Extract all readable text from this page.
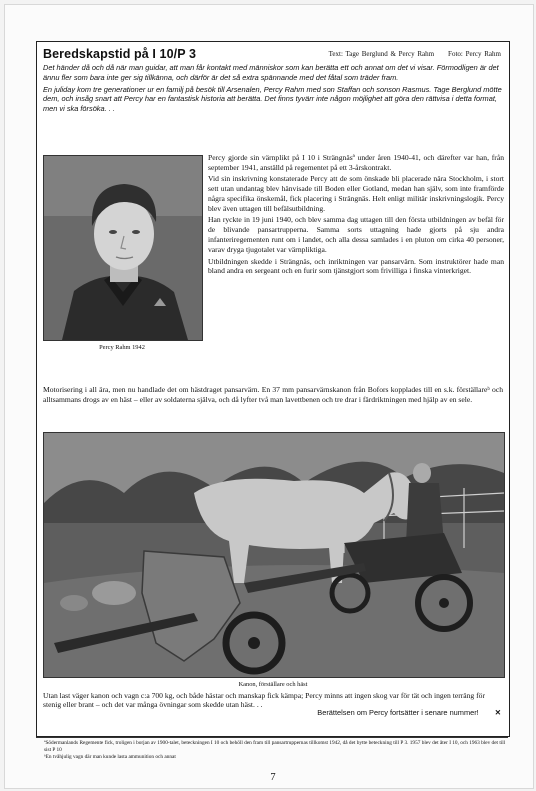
Beredskapstid på I 10/P 3	Text: Tage Berglund & Percy Rahm Foto: Percy Rahm

Det händer då och då när man guidar, att man får kontakt med människor som kan berätta ett och annat om det vi visar. Förmodligen är det ännu fler som bara inte ger sig tillkänna, och därför är det så extra spännande med det fåtal som träder fram.

En juliday kom tre generationer ur en familj på besök till Arsenalen, Percy Rahm med son Staffan och sonson Rasmus. Tage Berglund mötte dem, och insåg snart att Percy har en fantastisk historia att berätta. Det finns tyvärr inte någon möjlighet att göra den rättvisa i detta format, men vi ska försöka. . .

Percy Rahm 1942

Percy gjorde sin värnplikt på I 10 i Strängnäsª under åren 1940-41, och därefter var han, från september 1941, anställd på regementet på ett 3-årskontrakt.

Vid sin inskrivning konstaterade Percy att de som önskade bli placerade nära Stockholm, i stort sett utan undantag blev hänvisade till Boden eller Gotland, medan han själv, som inte framförde några specifika önskemål, fick placering i Strängnäs. Helt enligt militär inskrivningslogik. Percy blev även uttagen till befälsutbildning.

Han ryckte in 19 juni 1940, och blev samma dag uttagen till den första utbildningen av befäl för de blivande pansartrupperna. Samma sorts uttagning hade gjorts på sju andra infanteriregementen runt om i landet, och alla dessa samlades i en pluton om cirka 40 personer, varav dryga tjugotalet var värnpliktiga.

Utbildningen skedde i Strängnäs, och inriktningen var pansarvärn. Som instruktörer hade man bland andra en sergeant och en furir som tjänstgjort som frivilliga i finska vinterkriget.

Motorisering i all ära, men nu handlade det om hästdraget pansarvärn. En 37 mm pansarvärnskanon från Bofors kopplades till en s.k. förställareᵇ och alltsammans drogs av en häst – eller av soldaterna själva, och då lyfter två man lavettbenen och tre drar i färdriktningen med hjälp av en sele.
Kanon, förställare och häst

Utan last väger kanon och vagn c:a 700 kg, och både hästar och manskap fick kämpa; Percy minns att ingen skog var för tät och ingen terräng för stenig eller brant – och det var många övningar som skedde utan häst. . .

Berättelsen om Percy fortsätter i senare nummer! ✕

ªSödermanlands Regemente fick, troligen i borjan av 1900-talet, beteckningen I 10 och behöll den fram till pansartruppernas tillkomst 1942, då det bytte beteckning till P 3. 1957 blev det åter I 10, och 1963 blev det till sist P 10

ᵇEn tvåhjulig vagn där man kunde lasta ammunition och annat

7
